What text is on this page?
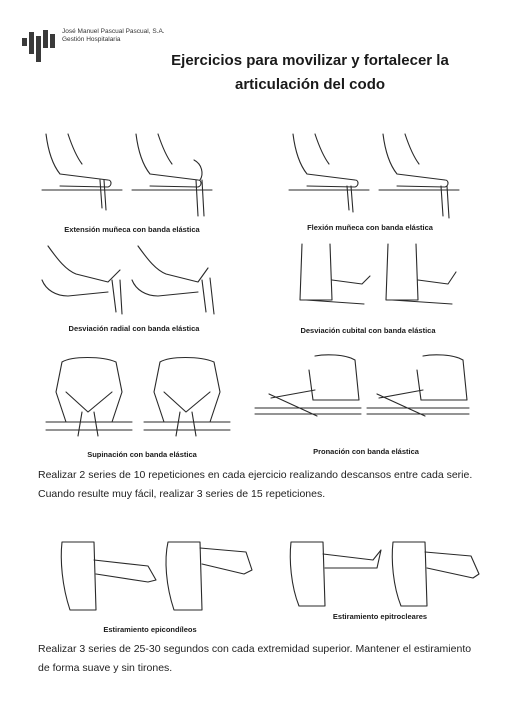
José Manuel Pascual Pascual, S.A.
Gestión Hospitalaria
Ejercicios para movilizar y fortalecer la
articulación del codo
Extensión muñeca con banda elástica	Flexión muñeca con banda elástica
Desviación radial con banda elástica	Desviación cubital con banda elástica
Supinación con banda elástica	Pronación con banda elástica
Realizar 2 series de 10 repeticiones en cada ejercicio realizando descansos entre cada serie.
Cuando resulte muy fácil, realizar 3 series de 15 repeticiones.
Estiramiento epicondíleos
Estiramiento epitrocleares
Realizar 3 series de 25-30 segundos con cada extremidad superior. Mantener el estiramiento
de forma suave y sin tirones.
